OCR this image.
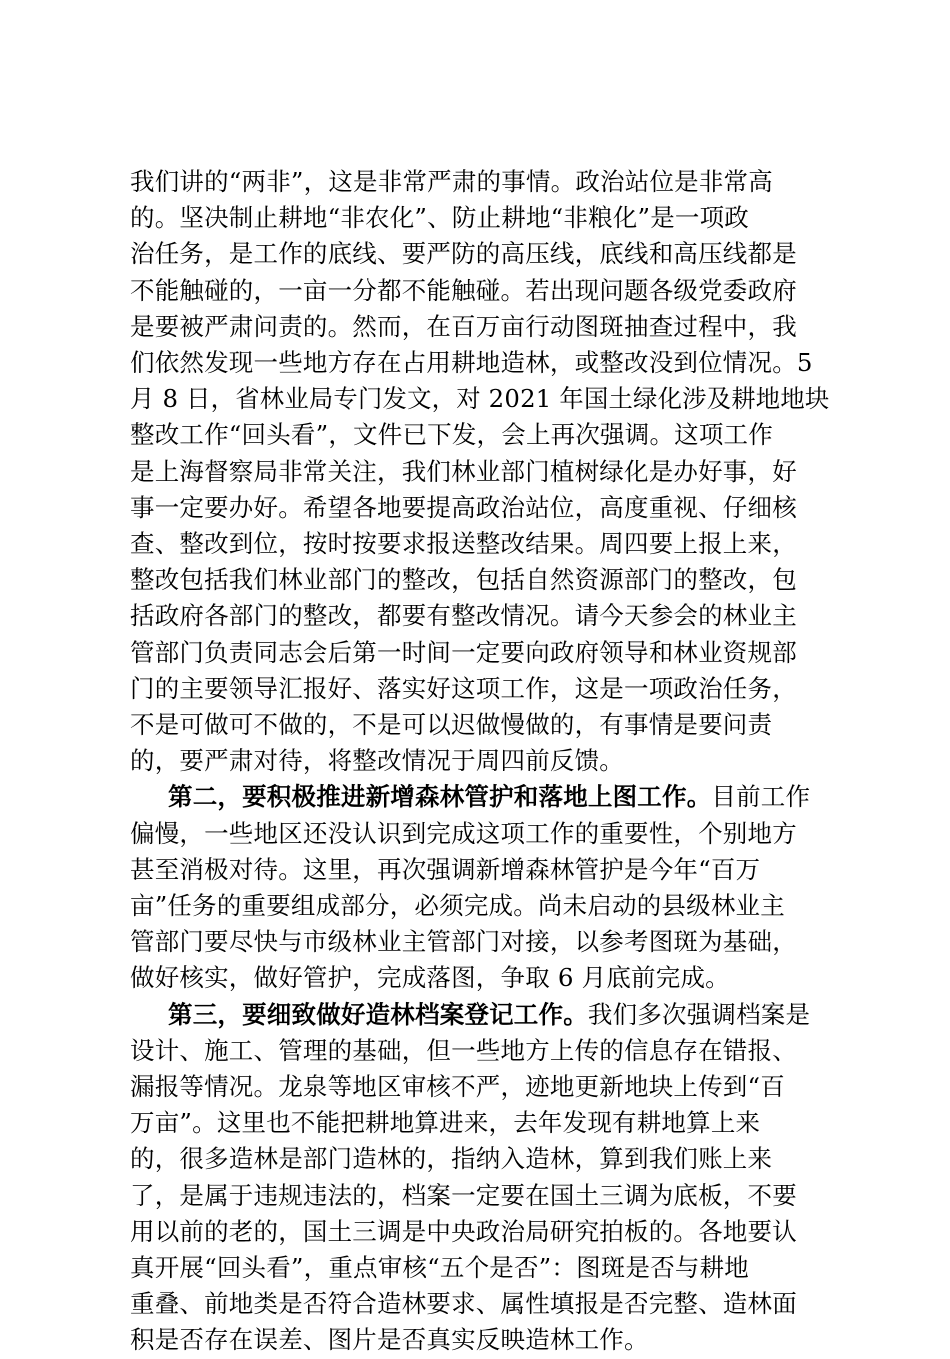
我们讲的“两非”，这是非常严肃的事情。政治站位是非常高
的。坚决制止耕地“非农化”、防止耕地“非粮化”是一项政
治任务，是工作的底线、要严防的高压线，底线和高压线都是
不能触碰的，一亩一分都不能触碰。若出现问题各级党委政府
是要被严肃问责的。然而，在百万亩行动图斑抽查过程中，我
们依然发现一些地方存在占用耕地造林，或整改没到位情况。5
月 8 日，省林业局专门发文，对 2021 年国土绿化涉及耕地地块
整改工作“回头看”，文件已下发，会上再次强调。这项工作
是上海督察局非常关注，我们林业部门植树绿化是办好事，好
事一定要办好。希望各地要提高政治站位，高度重视、仔细核
查、整改到位，按时按要求报送整改结果。周四要上报上来，
整改包括我们林业部门的整改，包括自然资源部门的整改，包
括政府各部门的整改，都要有整改情况。请今天参会的林业主
管部门负责同志会后第一时间一定要向政府领导和林业资规部
门的主要领导汇报好、落实好这项工作，这是一项政治任务，
不是可做可不做的，不是可以迟做慢做的，有事情是要问责
的，要严肃对待，将整改情况于周四前反馈。
第二，要积极推进新增森林管护和落地上图工作。目前工作
偏慢，一些地区还没认识到完成这项工作的重要性，个别地方
甚至消极对待。这里，再次强调新增森林管护是今年“百万
亩”任务的重要组成部分，必须完成。尚未启动的县级林业主
管部门要尽快与市级林业主管部门对接，以参考图斑为基础，
做好核实，做好管护，完成落图，争取 6 月底前完成。
第三，要细致做好造林档案登记工作。我们多次强调档案是
设计、施工、管理的基础，但一些地方上传的信息存在错报、
漏报等情况。龙泉等地区审核不严，迹地更新地块上传到“百
万亩”。这里也不能把耕地算进来，去年发现有耕地算上来
的，很多造林是部门造林的，指纳入造林，算到我们账上来
了，是属于违规违法的，档案一定要在国土三调为底板，不要
用以前的老的，国土三调是中央政治局研究拍板的。各地要认
真开展“回头看”，重点审核“五个是否”：图斑是否与耕地
重叠、前地类是否符合造林要求、属性填报是否完整、造林面
积是否存在误差、图片是否真实反映造林工作。
